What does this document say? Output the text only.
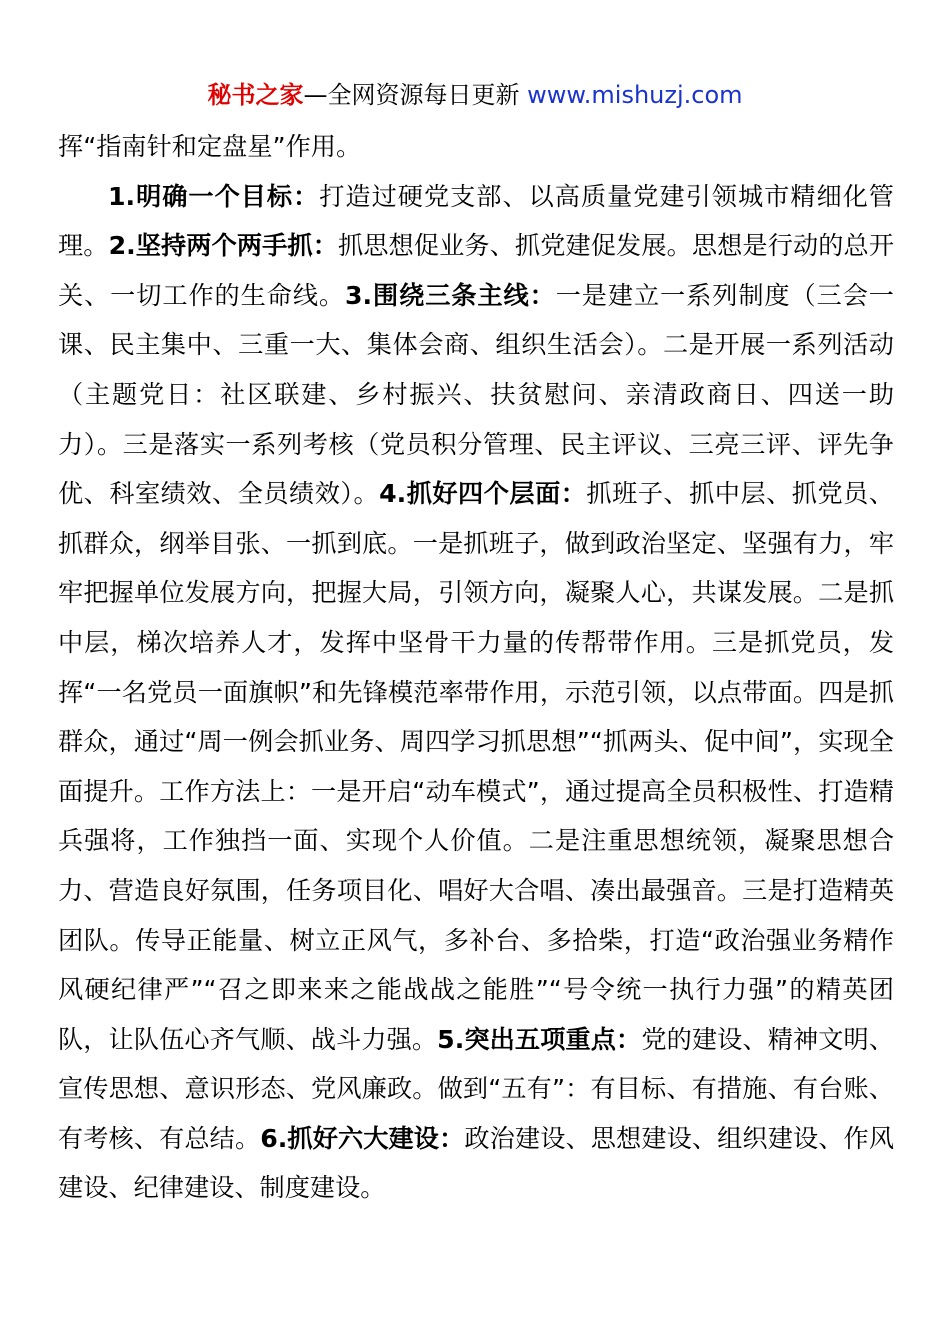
秘书之家—全网资源每日更新 www.mishuzj.com

挥“指南针和定盘星”作用。

1.明确一个目标：打造过硬党支部、以高质量党建引领城市精细化管理。2.坚持两个两手抓：抓思想促业务、抓党建促发展。思想是行动的总开关、一切工作的生命线。3.围绕三条主线：一是建立一系列制度（三会一课、民主集中、三重一大、集体会商、组织生活会）。二是开展一系列活动（主题党日：社区联建、乡村振兴、扶贫慰问、亲清政商日、四送一助力）。三是落实一系列考核（党员积分管理、民主评议、三亮三评、评先争优、科室绩效、全员绩效）。4.抓好四个层面：抓班子、抓中层、抓党员、抓群众，纲举目张、一抓到底。一是抓班子，做到政治坚定、坚强有力，牢牢把握单位发展方向，把握大局，引领方向，凝聚人心，共谋发展。二是抓中层，梯次培养人才，发挥中坚骨干力量的传帮带作用。三是抓党员，发挥“一名党员一面旗帜”和先锋模范率带作用，示范引领，以点带面。四是抓群众，通过“周一例会抓业务、周四学习抓思想”“抓两头、促中间”，实现全面提升。工作方法上：一是开启“动车模式”，通过提高全员积极性、打造精兵强将，工作独挡一面、实现个人价值。二是注重思想统领，凝聚思想合力、营造良好氛围，任务项目化、唱好大合唱、凑出最强音。三是打造精英团队。传导正能量、树立正风气，多补台、多拾柴，打造“政治强业务精作风硬纪律严”“召之即来来之能战战之能胜”“号令统一执行力强”的精英团队，让队伍心齐气顺、战斗力强。5.突出五项重点：党的建设、精神文明、宣传思想、意识形态、党风廉政。做到“五有”：有目标、有措施、有台账、有考核、有总结。6.抓好六大建设：政治建设、思想建设、组织建设、作风建设、纪律建设、制度建设。
